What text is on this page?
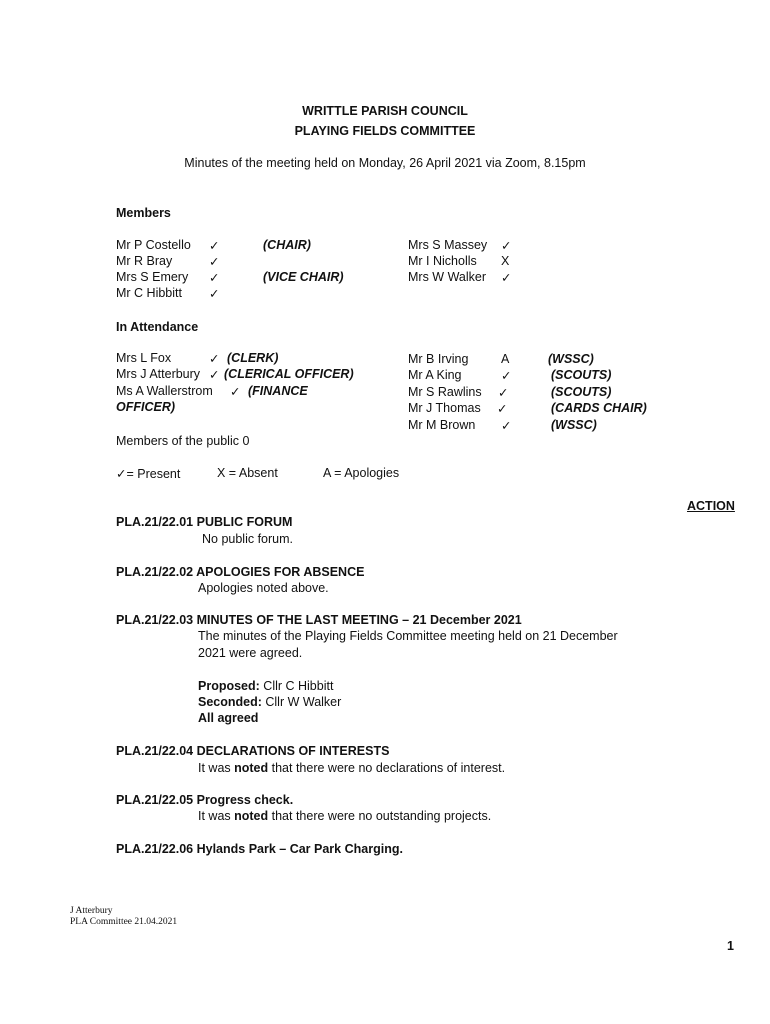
WRITTLE PARISH COUNCIL
PLAYING FIELDS COMMITTEE
Minutes of the meeting held on Monday, 26 April 2021 via Zoom, 8.15pm
Members
Mr P Costello ✓	(CHAIR)
Mr R Bray	✓
Mrs S Emery ✓	(VICE CHAIR)
Mr C Hibbitt ✓
Mrs S Massey ✓
Mr I Nicholls X
Mrs W Walker ✓
In Attendance
Mrs L Fox	✓ (CLERK)
Mrs J Atterbury ✓ (CLERICAL OFFICER)
Ms A Wallerstrom ✓ (FINANCE
OFFICER)
Mr B Irving	A	(WSSC)
Mr A King	✓	(SCOUTS)
Mr S Rawlins ✓	(SCOUTS)
Mr J Thomas ✓	(CARDS CHAIR)
Mr M Brown ✓	(WSSC)
Members of the public 0
✓= Present	X = Absent	A = Apologies
ACTION
PLA.21/22.01 PUBLIC FORUM
No public forum.
PLA.21/22.02 APOLOGIES FOR ABSENCE
Apologies noted above.
PLA.21/22.03 MINUTES OF THE LAST MEETING – 21 December 2021
The minutes of the Playing Fields Committee meeting held on 21 December
2021 were agreed.
Proposed: Cllr C Hibbitt
Seconded: Cllr W Walker
All agreed
PLA.21/22.04 DECLARATIONS OF INTERESTS
It was noted that there were no declarations of interest.
PLA.21/22.05 Progress check.
It was noted that there were no outstanding projects.
PLA.21/22.06 Hylands Park – Car Park Charging.
J Atterbury
PLA Committee 21.04.2021
1
